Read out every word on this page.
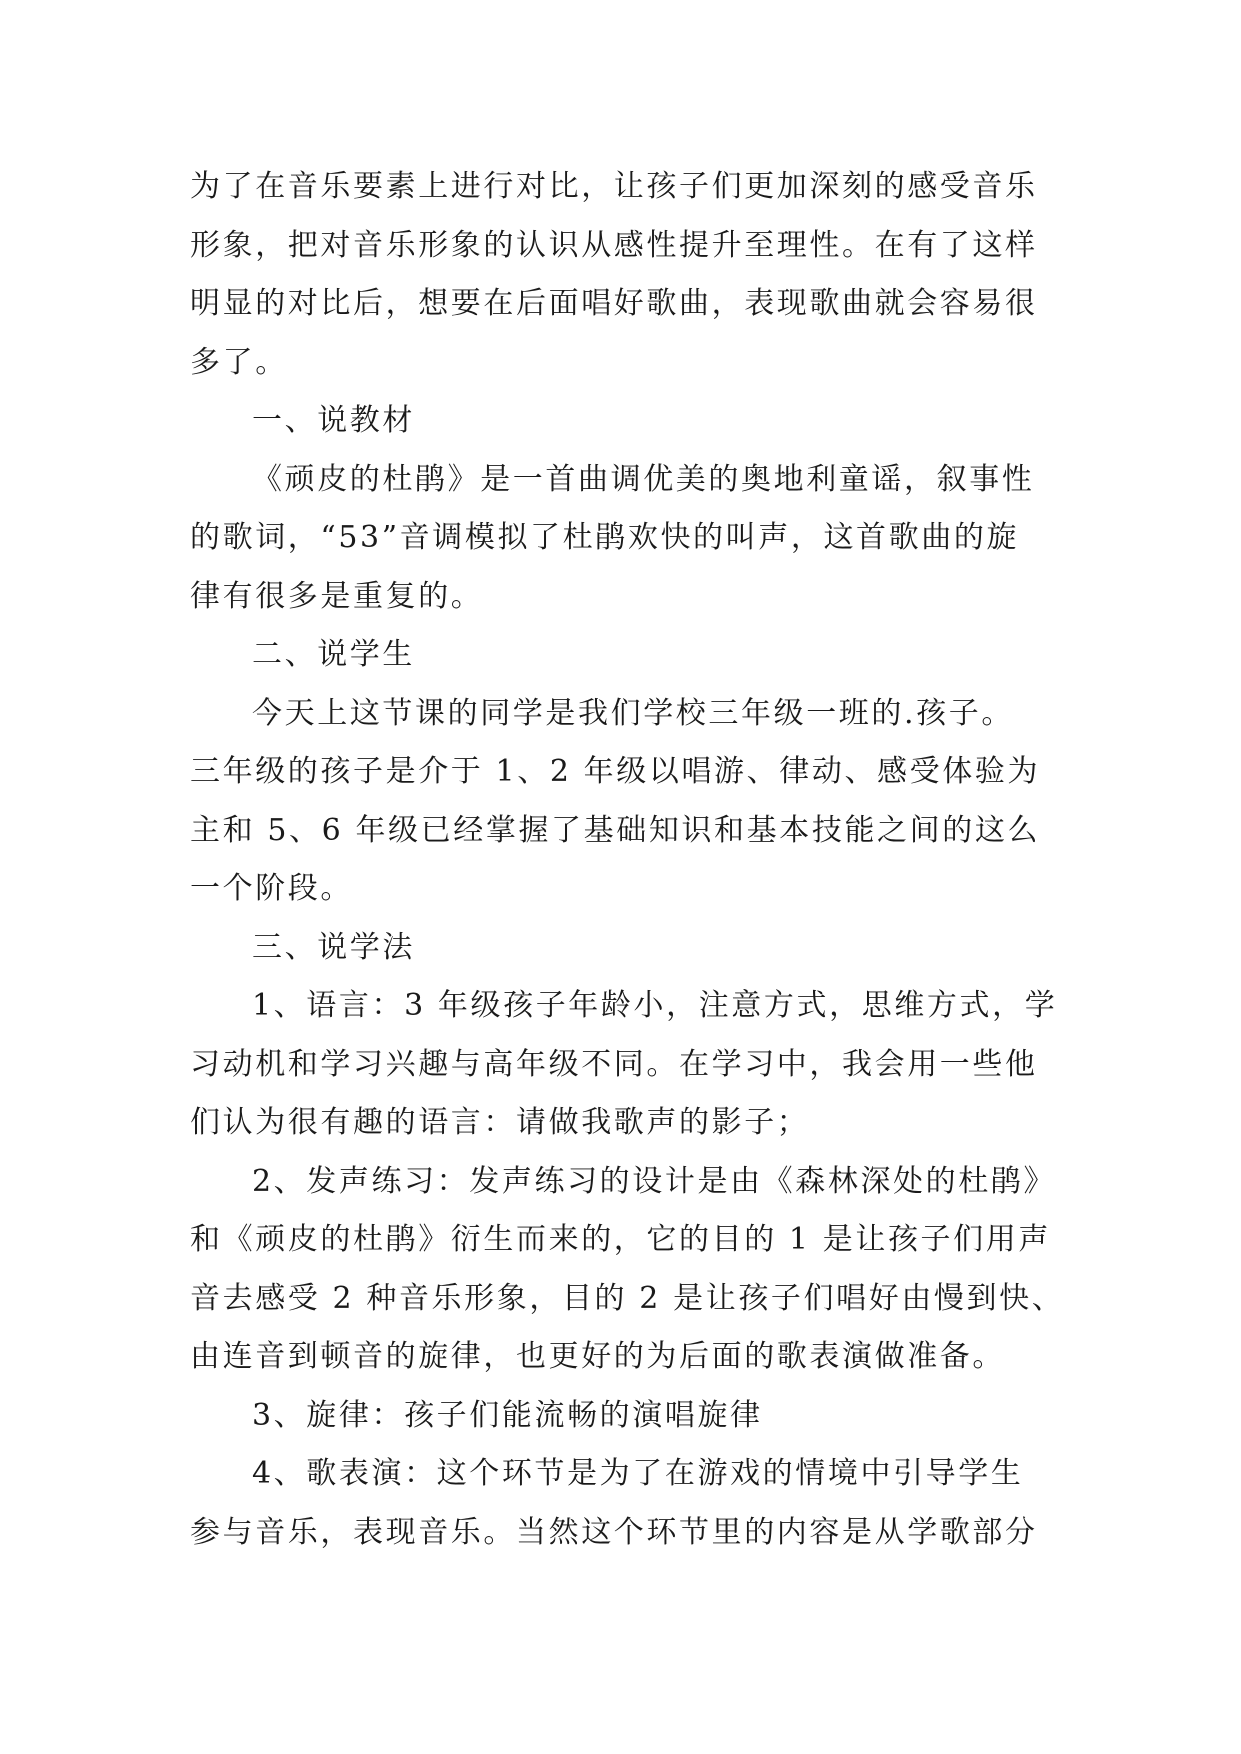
为了在音乐要素上进行对比，让孩子们更加深刻的感受音乐
形象，把对音乐形象的认识从感性提升至理性。在有了这样
明显的对比后，想要在后面唱好歌曲，表现歌曲就会容易很
多了。
一、说教材
《顽皮的杜鹃》是一首曲调优美的奥地利童谣，叙事性
的歌词，“53”音调模拟了杜鹃欢快的叫声，这首歌曲的旋
律有很多是重复的。
二、说学生
今天上这节课的同学是我们学校三年级一班的.孩子。
三年级的孩子是介于 1、2 年级以唱游、律动、感受体验为
主和 5、6 年级已经掌握了基础知识和基本技能之间的这么
一个阶段。
三、说学法
1、语言：3 年级孩子年龄小，注意方式，思维方式，学
习动机和学习兴趣与高年级不同。在学习中，我会用一些他
们认为很有趣的语言：请做我歌声的影子；
2、发声练习：发声练习的设计是由《森林深处的杜鹃》
和《顽皮的杜鹃》衍生而来的，它的目的 1 是让孩子们用声
音去感受 2 种音乐形象，目的 2 是让孩子们唱好由慢到快、
由连音到顿音的旋律，也更好的为后面的歌表演做准备。
3、旋律：孩子们能流畅的演唱旋律
4、歌表演：这个环节是为了在游戏的情境中引导学生
参与音乐，表现音乐。当然这个环节里的内容是从学歌部分
